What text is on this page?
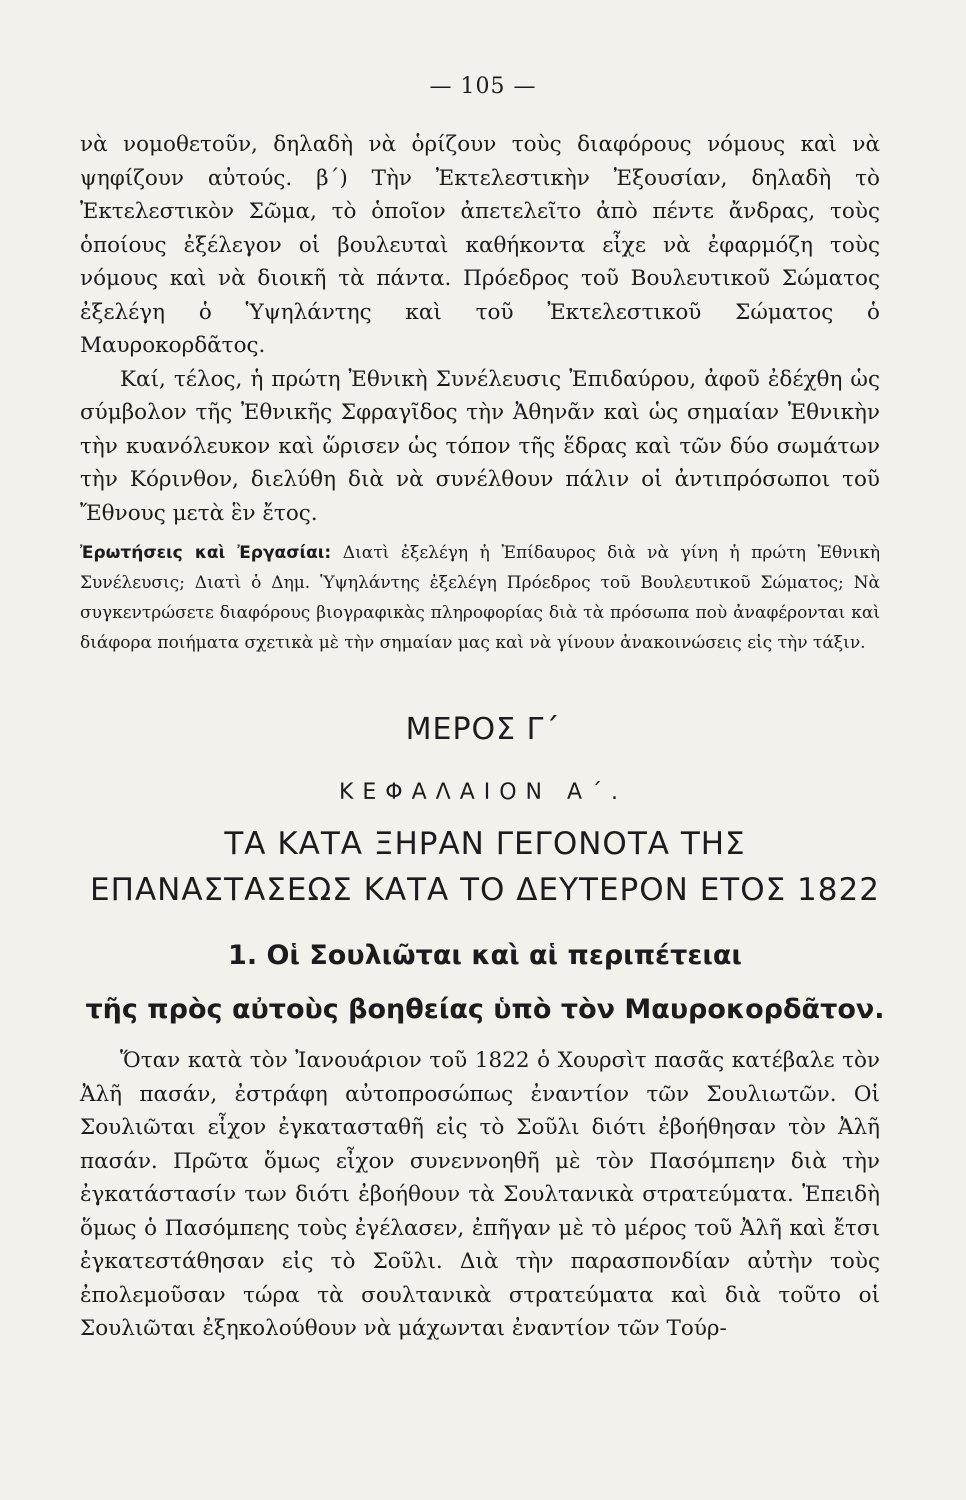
— 105 —

νὰ νομοθετοῦν, δηλαδὴ νὰ ὁρίζουν τοὺς διαφόρους νόμους καὶ νὰ ψηφίζουν αὐτούς. β΄) Τὴν Ἐκτελεστικὴν Ἐξουσίαν, δηλαδὴ τὸ Ἐκτελεστικὸν Σῶμα, τὸ ὁποῖον ἀπετελεῖτο ἀπὸ πέντε ἄνδρας, τοὺς ὁποίους ἐξέλεγον οἱ βουλευταὶ καθήκοντα εἶχε νὰ ἐφαρμόζη τοὺς νόμους καὶ νὰ διοικῆ τὰ πάντα. Πρόεδρος τοῦ Βουλευτικοῦ Σώματος ἐξελέγη ὁ Ὑψηλάντης καὶ τοῦ Ἐκτελεστικοῦ Σώματος ὁ Μαυροκορδᾶτος.

Καί, τέλος, ἡ πρώτη Ἐθνικὴ Συνέλευσις Ἐπιδαύρου, ἀφοῦ ἐδέχθη ὡς σύμβολον τῆς Ἐθνικῆς Σφραγῖδος τὴν Ἀθηνᾶν καὶ ὡς σημαίαν Ἐθνικὴν τὴν κυανόλευκον καὶ ὥρισεν ὡς τόπον τῆς ἕδρας καὶ τῶν δύο σωμάτων τὴν Κόρινθον, διελύθη διὰ νὰ συνέλθουν πάλιν οἱ ἀντιπρόσωποι τοῦ Ἔθνους μετὰ ἓν ἔτος.

Ἐρωτήσεις καὶ Ἐργασίαι: Διατὶ ἐξελέγη ἡ Ἐπίδαυρος διὰ νὰ γίνη ἡ πρώτη Ἐθνικὴ Συνέλευσις; Διατὶ ὁ Δημ. Ὑψηλάντης ἐξελέγη Πρόεδρος τοῦ Βουλευτικοῦ Σώματος; Νὰ συγκεντρώσετε διαφόρους βιογραφικὰς πληροφορίας διὰ τὰ πρόσωπα ποὺ ἀναφέρονται καὶ διάφορα ποιήματα σχετικὰ μὲ τὴν σημαίαν μας καὶ νὰ γίνουν ἀνακοινώσεις εἰς τὴν τάξιν.
ΜΕΡΟΣ Γ΄
ΚΕΦΑΛΑΙΟΝ Α΄.
ΤΑ ΚΑΤΑ ΞΗΡΑΝ ΓΕΓΟΝΟΤΑ ΤΗΣ
ΕΠΑΝΑΣΤΑΣΕΩΣ ΚΑΤΑ ΤΟ ΔΕΥΤΕΡΟΝ ΕΤΟΣ 1822
1. Οἱ Σουλιῶται καὶ αἱ περιπέτειαι
τῆς πρὸς αὐτοὺς βοηθείας ὑπὸ τὸν Μαυροκορδᾶτον.

Ὅταν κατὰ τὸν Ἰανουάριον τοῦ 1822 ὁ Χουρσὶτ πασᾶς κατέβαλε τὸν Ἀλῆ πασάν, ἐστράφη αὐτοπροσώπως ἐναντίον τῶν Σουλιωτῶν. Οἱ Σουλιῶται εἶχον ἐγκατασταθῆ εἰς τὸ Σοῦλι διότι ἐβοήθησαν τὸν Ἀλῆ πασάν. Πρῶτα ὅμως εἶχον συνεννοηθῆ μὲ τὸν Πασόμπεην διὰ τὴν ἐγκατάστασίν των διότι ἐβοήθουν τὰ Σουλτανικὰ στρατεύματα. Ἐπειδὴ ὅμως ὁ Πασόμπεης τοὺς ἐγέλασεν, ἐπῆγαν μὲ τὸ μέρος τοῦ Ἀλῆ καὶ ἔτσι ἐγκατεστάθησαν εἰς τὸ Σοῦλι. Διὰ τὴν παρασπονδίαν αὐτὴν τοὺς ἐπολεμοῦσαν τώρα τὰ σουλτανικὰ στρατεύματα καὶ διὰ τοῦτο οἱ Σουλιῶται ἐξηκολούθουν νὰ μάχωνται ἐναντίον τῶν Τούρ-
